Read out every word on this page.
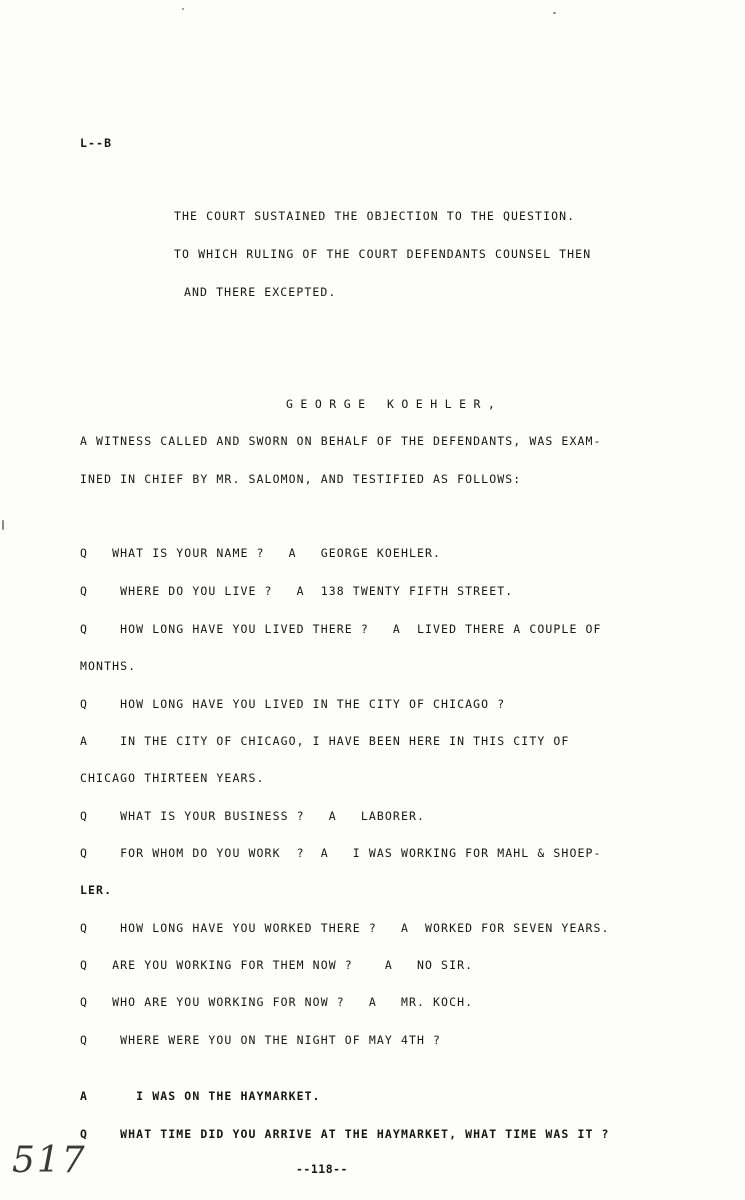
L--B
THE COURT SUSTAINED THE OBJECTION TO THE QUESTION.
TO WHICH RULING OF THE COURT DEFENDANTS COUNSEL THEN
AND THERE EXCEPTED.
GEORGE KOEHLER,
A WITNESS CALLED AND SWORN ON BEHALF OF THE DEFENDANTS, WAS EXAM-
INED IN CHIEF BY MR. SALOMON, AND TESTIFIED AS FOLLOWS:
Q   WHAT IS YOUR NAME ?   A   GEORGE KOEHLER.
Q    WHERE DO YOU LIVE ?   A  138 TWENTY FIFTH STREET.
Q    HOW LONG HAVE YOU LIVED THERE ?   A  LIVED THERE A COUPLE OF
MONTHS.
Q    HOW LONG HAVE YOU LIVED IN THE CITY OF CHICAGO ?
A    IN THE CITY OF CHICAGO, I HAVE BEEN HERE IN THIS CITY OF
CHICAGO THIRTEEN YEARS.
Q    WHAT IS YOUR BUSINESS ?   A   LABORER.
Q    FOR WHOM DO YOU WORK  ?  A   I WAS WORKING FOR MAHL & SHOEP-
LER.
Q    HOW LONG HAVE YOU WORKED THERE ?   A  WORKED FOR SEVEN YEARS.
Q   ARE YOU WORKING FOR THEM NOW ?    A   NO SIR.
Q   WHO ARE YOU WORKING FOR NOW ?   A   MR. KOCH.
Q    WHERE WERE YOU ON THE NIGHT OF MAY 4TH ?
A      I WAS ON THE HAYMARKET.
Q    WHAT TIME DID YOU ARRIVE AT THE HAYMARKET, WHAT TIME WAS IT ?
517	--118--
